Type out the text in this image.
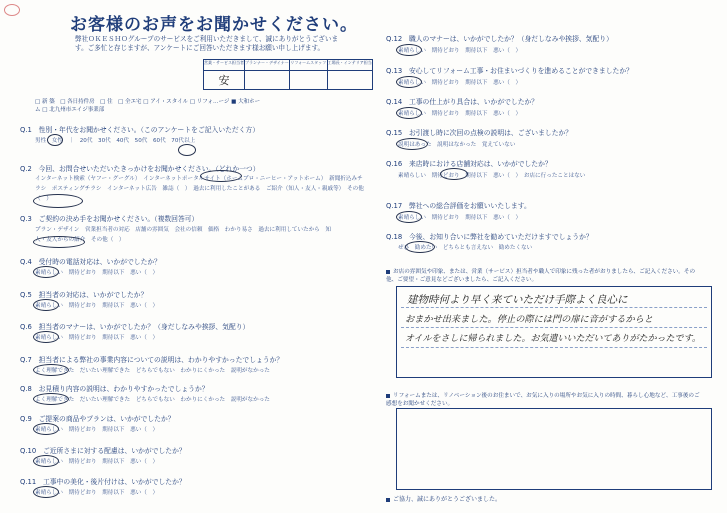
お客様のお声をお聞かせください。
弊社ＯＫＥＳＨＯグループのサービスをご利用いただきまして、誠にありがとうございます。ご多忙と存じますが、アンケートにご回答いただきます様お願い申し上げます。
営業・サービス担当者	プランナー・デザイナー	リフォームスタッフ	工場長・インテリア担当
安			
□ 新 築　□ 各日持件房　□ 住　□ 全エ宅 □ アイ・スタイル □ リフォ…ージ ■ 大和ホーム □ 北九州市エイジ事業部
Q.1　性別・年代をお聞かせください。（このアンケートをご記入いただく方）
男性　女性　｜　20代　30代　40代　50代　60代　70代以上
Q.2　今回、お問合せいただいたきっかけをお聞かせください。（どれか一つ）
インターネット検索（ヤフー・グーグル）　インターネットポータルサイト（ホームプロ・ニーヒー・アットホーム）　新聞折込みチラシ　ポスティングチラシ　インターネット広告　雑誌（　）　過去に利用したことがある　ご紹介（知人・友人・親戚等）　その他（　）
Q.3　ご契約の決め手をお聞かせください。（複数回答可）
プラン・デザイン　営業担当者の対応　店舗の雰囲気　会社の信頼　価格　わかり易さ　過去に利用していたから　知人・友人からの紹介　その他（　）
Q.4　受付時の電話対応は、いかがでしたか？
素晴らしい　期待どおり　期待以下　悪い（　）
Q.5　担当者の対応は、いかがでしたか？
素晴らしい　期待どおり　期待以下　悪い（　）
Q.6　担当者のマナーは、いかがでしたか？（身だしなみや挨拶、気配り）
素晴らしい　期待どおり　期待以下　悪い（　）
Q.7　担当者による弊社の事業内容についての説明は、わかりやすかったでしょうか？
よく理解できた　だいたい理解できた　どちらでもない　わかりにくかった　説明がなかった
Q.8　お見積り内容の説明は、わかりやすかったでしょうか？
よく理解できた　だいたい理解できた　どちらでもない　わかりにくかった　説明がなかった
Q.9　ご提案の商品やプランは、いかがでしたか？
素晴らしい　期待どおり　期待以下　悪い（　）
Q.10　ご近所さまに対する配慮は、いかがでしたか？
素晴らしい　期待どおり　期待以下　悪い（　）
Q.11　工事中の美化・後片付けは、いかがでしたか？
素晴らしい　期待どおり　期待以下　悪い（　）
Q.12　職人のマナーは、いかがでしたか？（身だしなみや挨拶、気配り）
素晴らしい　期待どおり　期待以下　悪い（　）
Q.13　安心してリフォーム工事・お住まいづくりを進めることができましたか？
素晴らしい　期待どおり　期待以下　悪い（　）
Q.14　工事の仕上がり具合は、いかがでしたか？
素晴らしい　期待どおり　期待以下　悪い（　）
Q.15　お引渡し時に次回の点検の説明は、ございましたか？
説明はあった　説明はなかった　覚えていない
Q.16　来店時における店舗対応は、いかがでしたか？
素晴らしい　期待どおり　期待以下　悪い（　）　お店に行ったことはない
Q.17　弊社への総合評価をお願いいたします。
素晴らしい　期待どおり　期待以下　悪い（　）
Q.18　今後、お知り合いに弊社を勧めていただけますでしょうか？
ぜひ　勧めたい　どちらとも言えない　勧めたくない
お店の雰囲気や印象、または、営業（サービス）担当者や職人で印象に残った者がおりましたら、ご記入ください。その他、ご要望・ご意見などございましたら、ご記入ください。
建物時何より早く来ていただけ手際よく良心に
おまかせ出来ました。停止の際には門の扉に音がするからと
オイルをさしに帰られました。お気遣いいただいてありがたかったです。
リフォームまたは、リノベーション後のお住まいで、お気に入りの場所やお気に入りの時間、暮らし心地など、工事後のご感想をお聞かせください。
ご協力、誠にありがとうございました。
